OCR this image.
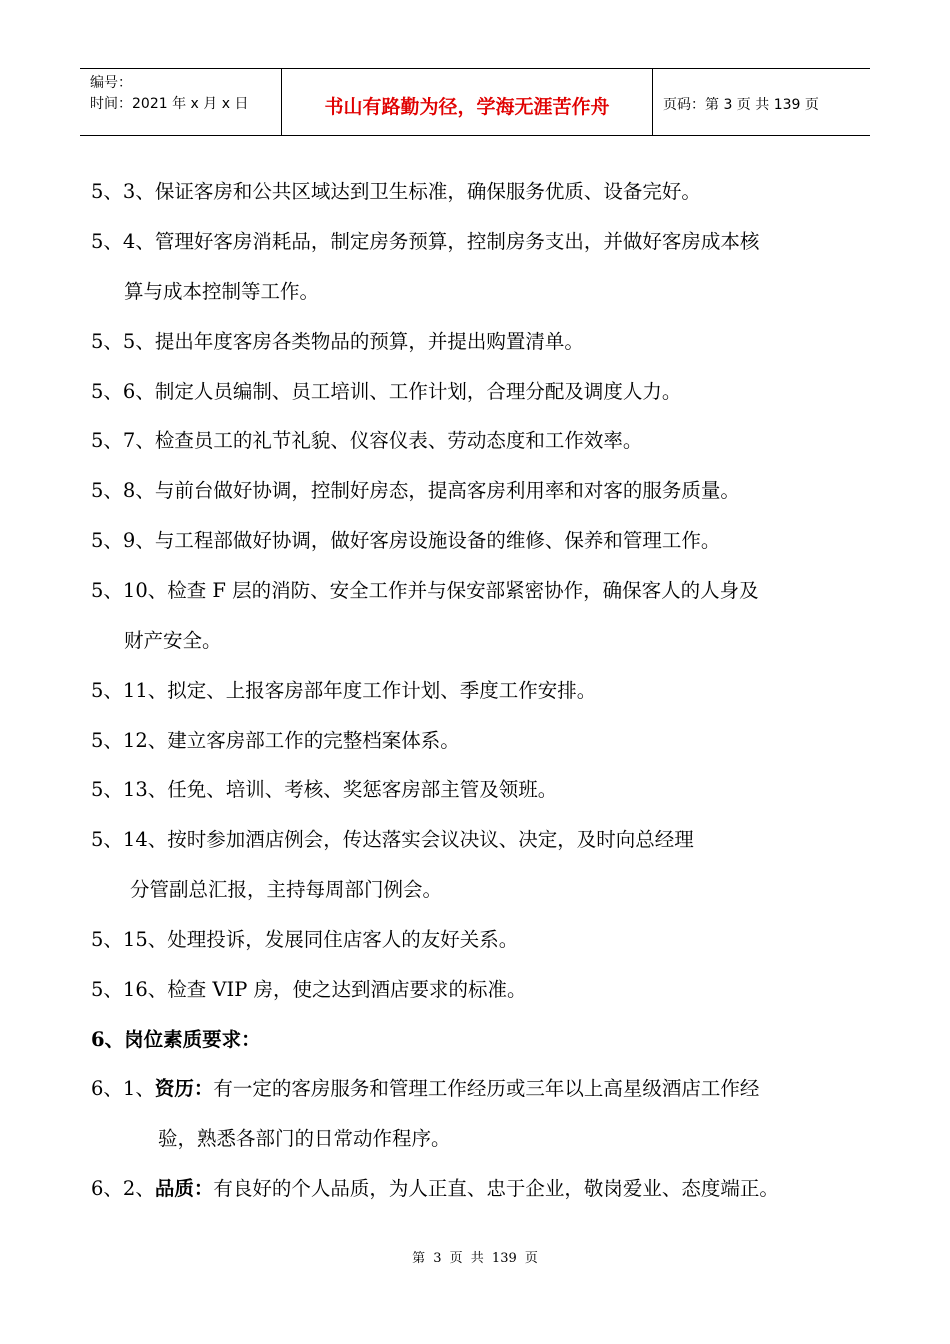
编号：
时间：2021 年 x 月 x 日	书山有路勤为径，学海无涯苦作舟	页码：第 3 页 共 139 页
5、3、保证客房和公共区域达到卫生标准，确保服务优质、设备完好。
5、4、管理好客房消耗品，制定房务预算，控制房务支出，并做好客房成本核
算与成本控制等工作。
5、5、提出年度客房各类物品的预算，并提出购置清单。
5、6、制定人员编制、员工培训、工作计划，合理分配及调度人力。
5、7、检查员工的礼节礼貌、仪容仪表、劳动态度和工作效率。
5、8、与前台做好协调，控制好房态，提高客房利用率和对客的服务质量。
5、9、与工程部做好协调，做好客房设施设备的维修、保养和管理工作。
5、10、检查 F 层的消防、安全工作并与保安部紧密协作，确保客人的人身及
财产安全。
5、11、拟定、上报客房部年度工作计划、季度工作安排。
5、12、建立客房部工作的完整档案体系。
5、13、任免、培训、考核、奖惩客房部主管及领班。
5、14、按时参加酒店例会，传达落实会议决议、决定，及时向总经理
分管副总汇报，主持每周部门例会。
5、15、处理投诉，发展同住店客人的友好关系。
5、16、检查 VIP 房，使之达到酒店要求的标准。
6、岗位素质要求：
6、1、资历：有一定的客房服务和管理工作经历或三年以上高星级酒店工作经
验，熟悉各部门的日常动作程序。
6、2、品质：有良好的个人品质，为人正直、忠于企业，敬岗爱业、态度端正。
第 3 页 共 139 页
